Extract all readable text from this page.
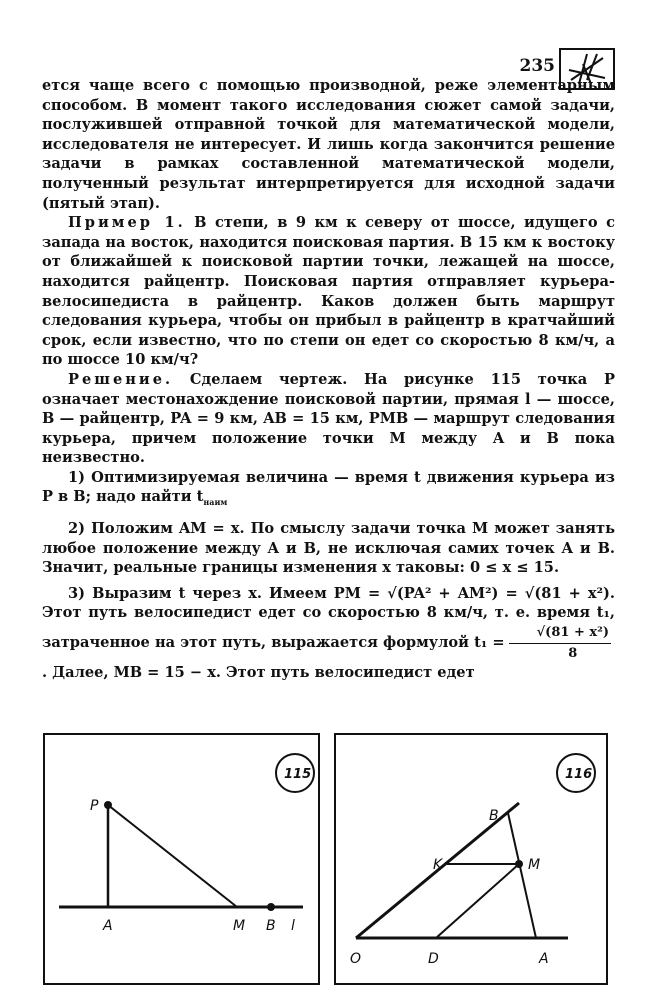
235

ется чаще всего с помощью производной, реже элементарным способом. В момент такого исследования сюжет самой задачи, послужившей отправной точкой для математической модели, исследователя не интересует. И лишь когда закончится решение задачи в рамках составленной математической модели, полученный результат интерпретируется для исходной задачи (пятый этап).

Пример 1. В степи, в 9 км к северу от шоссе, идущего с запада на восток, находится поисковая партия. В 15 км к востоку от ближайшей к поисковой партии точки, лежащей на шоссе, находится райцентр. Поисковая партия отправляет курьера-велосипедиста в райцентр. Каков должен быть маршрут следования курьера, чтобы он прибыл в райцентр в кратчайший срок, если известно, что по степи он едет со скоростью 8 км/ч, а по шоссе 10 км/ч?

Решение. Сделаем чертеж. На рисунке 115 точка P означает местонахождение поисковой партии, прямая l — шоссе, B — райцентр, PA = 9 км, AB = 15 км, PMB — маршрут следования курьера, причем положение точки M между A и B пока неизвестно.

1) Оптимизируемая величина — время t движения курьера из P в B; надо найти $t_{наим}$

2) Положим AM = x. По смыслу задачи точка M может занять любое положение между A и B, не исключая самих точек A и B. Значит, реальные границы изменения x таковы: 0 ≤ x ≤ 15.

3) Выразим t через x. Имеем PM = √(PA² + AM²) = √(81 + x²). Этот путь велосипедист едет со скоростью 8 км/ч, т. е. время t₁, затраченное на этот путь, выражается формулой $t_1 = \frac{\text{√(81 + x²)}}{8}$
. Далее, MB = 15 − x. Этот путь велосипедист едет

115
P
A	M B l
116
B
K	M
O	D	A
